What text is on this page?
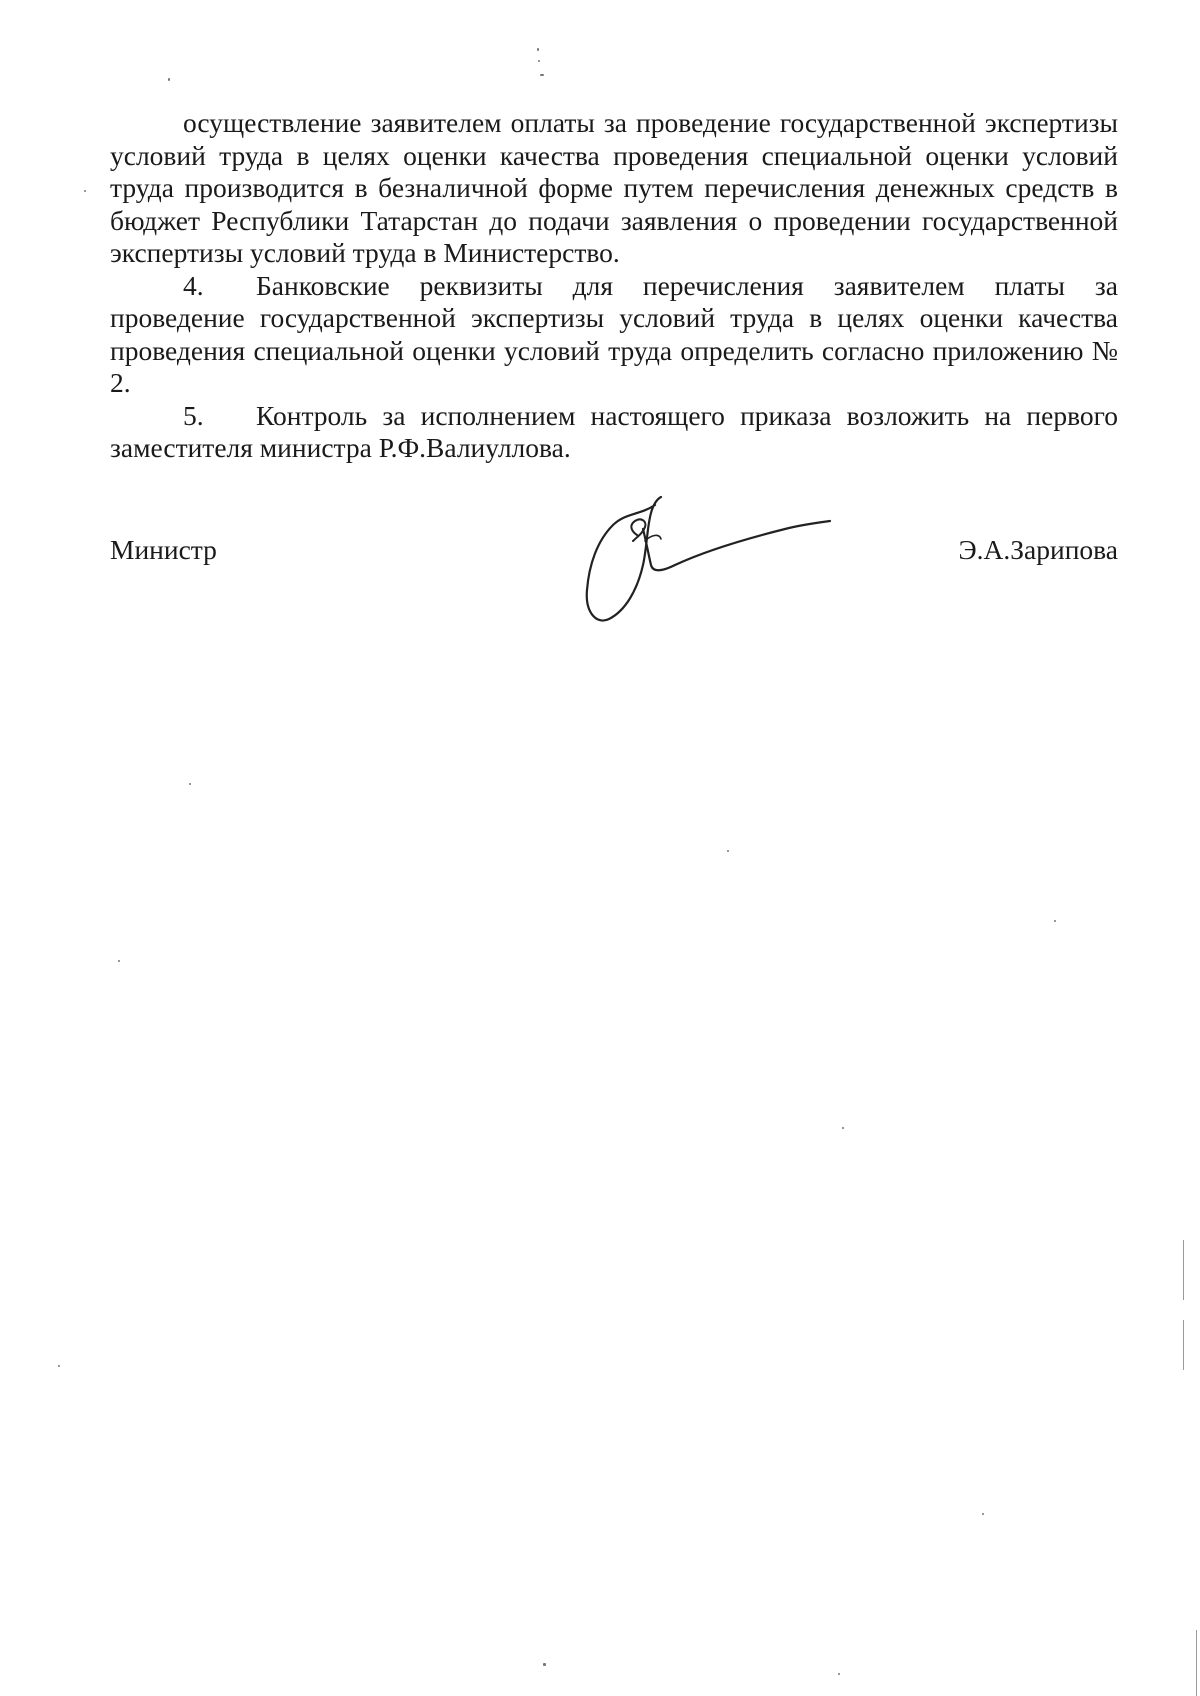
осуществление заявителем оплаты за проведение государственной экспертизы условий труда в целях оценки качества проведения специальной оценки условий труда производится в безналичной форме путем перечисления денежных средств в бюджет Республики Татарстан до подачи заявления о проведении государственной экспертизы условий труда в Министерство.

4. Банковские реквизиты для перечисления заявителем платы за проведение государственной экспертизы условий труда в целях оценки качества проведения специальной оценки условий труда определить согласно приложению № 2.

5. Контроль за исполнением настоящего приказа возложить на первого заместителя министра Р.Ф.Валиуллова.

Министр	Э.А.Зарипова
